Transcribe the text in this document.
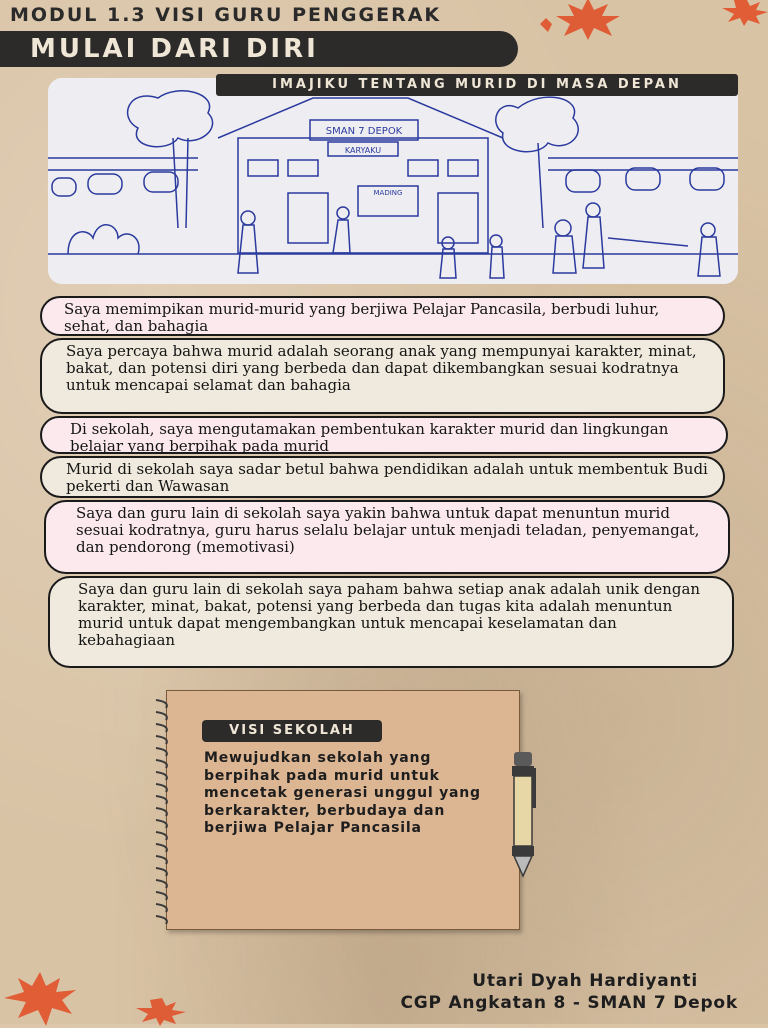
MODUL 1.3 VISI GURU PENGGERAK
MULAI DARI DIRI
SMAN 7 DEPOK
KARYAKU
MADING
IMAJIKU TENTANG MURID DI MASA DEPAN
Saya memimpikan murid-murid yang berjiwa Pelajar Pancasila, berbudi luhur, sehat, dan bahagia
Saya percaya bahwa murid adalah seorang anak yang mempunyai karakter, minat, bakat, dan potensi diri yang berbeda dan dapat dikembangkan sesuai kodratnya untuk mencapai selamat dan bahagia
Di sekolah, saya mengutamakan pembentukan karakter murid dan lingkungan belajar yang berpihak pada murid
Murid di sekolah saya sadar betul bahwa pendidikan adalah untuk membentuk Budi pekerti dan Wawasan
Saya dan guru lain di sekolah saya yakin bahwa untuk dapat menuntun murid sesuai kodratnya, guru harus selalu belajar untuk menjadi teladan, penyemangat, dan pendorong (memotivasi)
Saya dan guru lain di sekolah saya paham bahwa setiap anak adalah unik dengan karakter, minat, bakat, potensi yang berbeda dan tugas kita adalah menuntun murid untuk dapat mengembangkan untuk mencapai keselamatan dan kebahagiaan
VISI SEKOLAH
Mewujudkan sekolah yang berpihak pada murid untuk mencetak generasi unggul yang berkarakter, berbudaya dan berjiwa Pelajar Pancasila
Utari Dyah Hardiyanti
CGP Angkatan 8 - SMAN 7 Depok
